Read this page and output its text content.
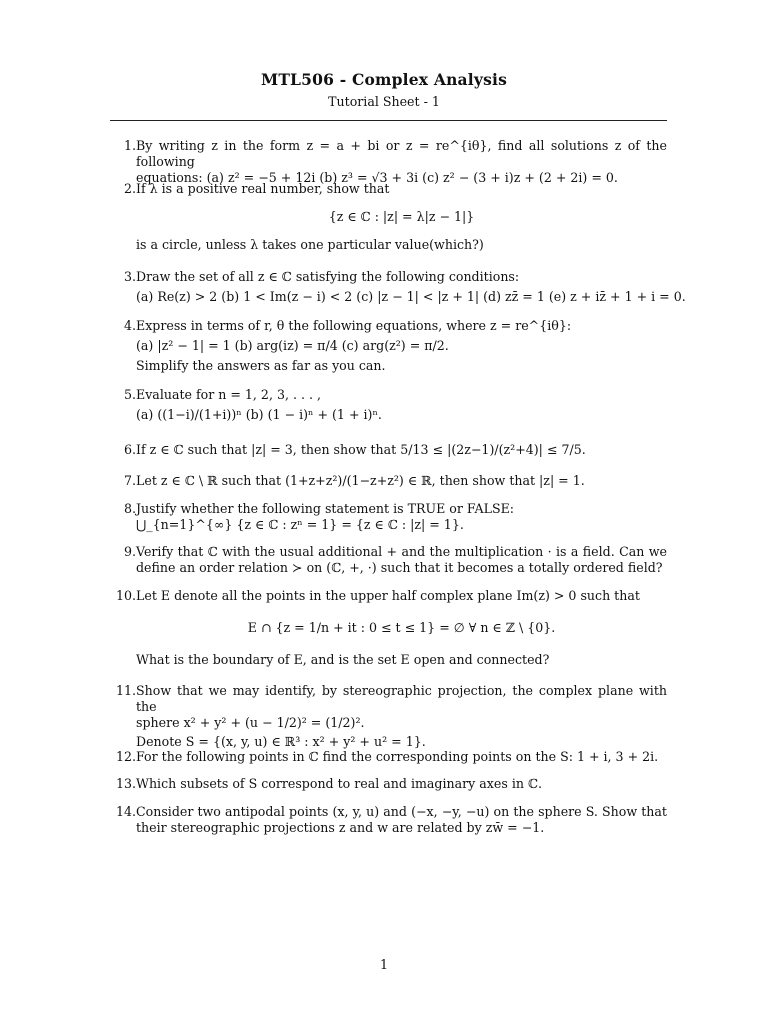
MTL506 - Complex Analysis
Tutorial Sheet - 1
1. By writing z in the form z = a + bi or z = re^{iθ}, find all solutions z of the following
equations: (a) z² = −5 + 12i (b) z³ = √3 + 3i (c) z² − (3 + i)z + (2 + 2i) = 0.
2. If λ is a positive real number, show that
{z ∈ ℂ : |z| = λ|z − 1|}
is a circle, unless λ takes one particular value(which?)
3. Draw the set of all z ∈ ℂ satisfying the following conditions:
(a) Re(z) > 2 (b) 1 < Im(z − i) < 2 (c) |z − 1| < |z + 1| (d) zz̄ = 1 (e) z + iz̄ + 1 + i = 0.
4. Express in terms of r, θ the following equations, where z = re^{iθ}:
(a) |z² − 1| = 1 (b) arg(iz) = π/4 (c) arg(z²) = π/2.
Simplify the answers as far as you can.
5. Evaluate for n = 1, 2, 3, . . . ,
(a) ((1−i)/(1+i))ⁿ (b) (1 − i)ⁿ + (1 + i)ⁿ.
6. If z ∈ ℂ such that |z| = 3, then show that 5/13 ≤ |(2z−1)/(z²+4)| ≤ 7/5.
7. Let z ∈ ℂ \ ℝ such that (1+z+z²)/(1−z+z²) ∈ ℝ, then show that |z| = 1.
8. Justify whether the following statement is TRUE or FALSE:
⋃_{n=1}^{∞} {z ∈ ℂ : zⁿ = 1} = {z ∈ ℂ : |z| = 1}.
9. Verify that ℂ with the usual additional + and the multiplication · is a field. Can we
define an order relation ≻ on (ℂ, +, ·) such that it becomes a totally ordered field?
10. Let E denote all the points in the upper half complex plane Im(z) > 0 such that
E ∩ {z = 1/n + it : 0 ≤ t ≤ 1} = ∅ ∀ n ∈ ℤ \ {0}.
What is the boundary of E, and is the set E open and connected?
11. Show that we may identify, by stereographic projection, the complex plane with the
sphere x² + y² + (u − 1/2)² = (1/2)².
Denote S = {(x, y, u) ∈ ℝ³ : x² + y² + u² = 1}.
12. For the following points in ℂ find the corresponding points on the S: 1 + i, 3 + 2i.
13. Which subsets of S correspond to real and imaginary axes in ℂ.
14. Consider two antipodal points (x, y, u) and (−x, −y, −u) on the sphere S. Show that
their stereographic projections z and w are related by zw̄ = −1.
1
